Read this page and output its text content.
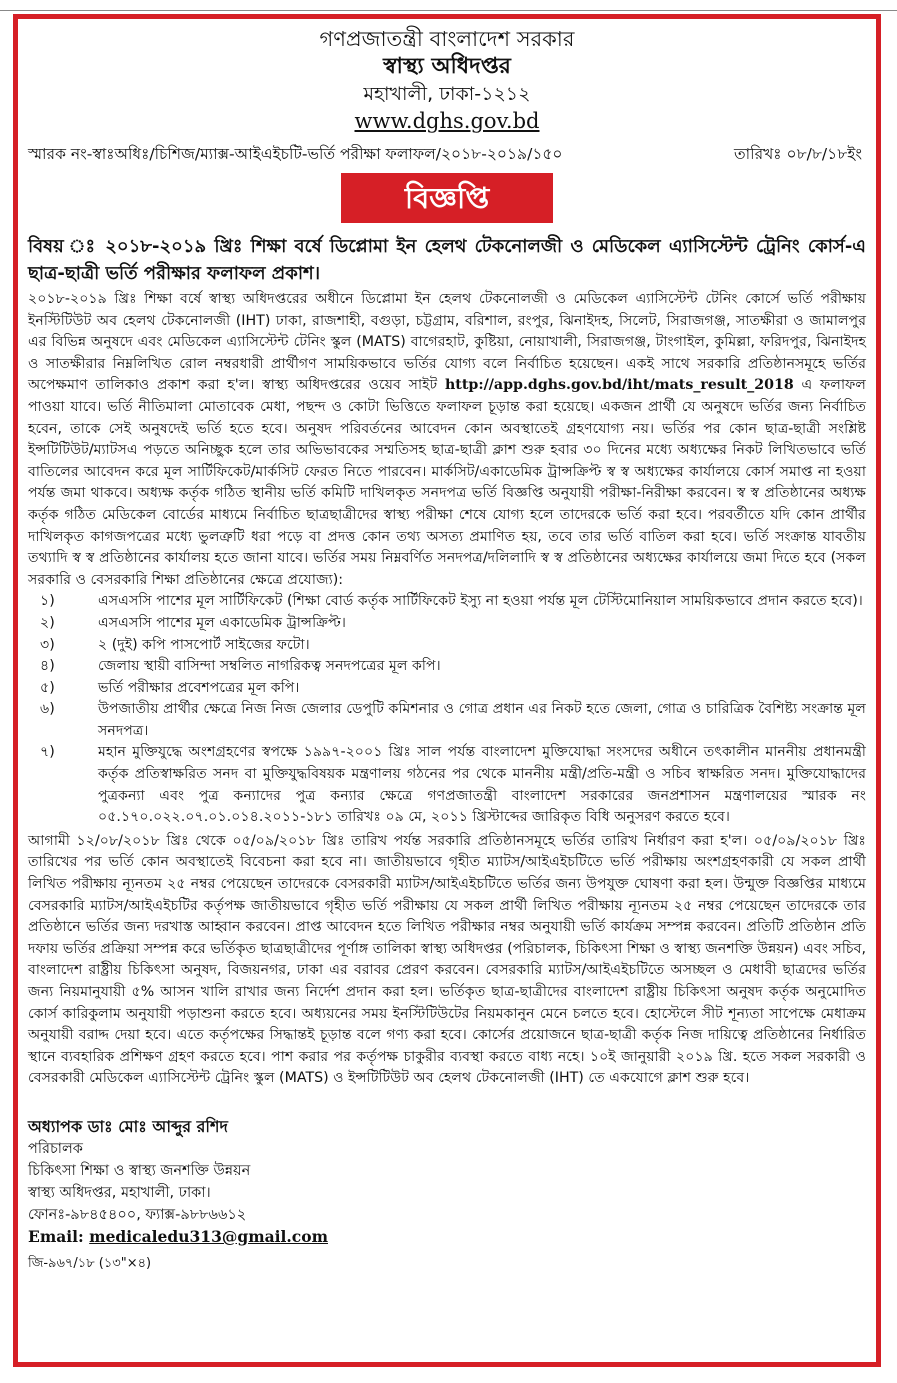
গণপ্রজাতন্ত্রী বাংলাদেশ সরকার
স্বাস্থ্য অধিদপ্তর
মহাখালী, ঢাকা-১২১২
www.dghs.gov.bd
স্মারক নং-স্বাঃঅধিঃ/চিশিজ/ম্যাক্স-আইএইচটি-ভর্তি পরীক্ষা ফলাফল/২০১৮-২০১৯/১৫০	তারিখঃ ০৮/৮/১৮ইং
বিজ্ঞপ্তি
বিষয় ঃ ২০১৮-২০১৯ খ্রিঃ শিক্ষা বর্ষে ডিপ্লোমা ইন হেলথ টেকনোলজী ও মেডিকেল এ্যাসিস্টেন্ট ট্রেনিং কোর্স-এ ছাত্র-ছাত্রী ভর্তি পরীক্ষার ফলাফল প্রকাশ।
২০১৮-২০১৯ খ্রিঃ শিক্ষা বর্ষে স্বাস্থ্য অধিদপ্তরের অধীনে ডিপ্লোমা ইন হেলথ টেকনোলজী ও মেডিকেল এ্যাসিস্টেন্ট টেনিং কোর্সে ভর্তি পরীক্ষায় ইনস্টিটিউট অব হেলথ টেকনোলজী (IHT) ঢাকা, রাজশাহী, বগুড়া, চট্টগ্রাম, বরিশাল, রংপুর, ঝিনাইদহ, সিলেট, সিরাজগঞ্জ, সাতক্ষীরা ও জামালপুর এর বিভিন্ন অনুষদে এবং মেডিকেল এ্যাসিস্টেন্ট টেনিং স্কুল (MATS) বাগেরহাট, কুষ্টিয়া, নোয়াখালী, সিরাজগঞ্জ, টাংগাইল, কুমিল্লা, ফরিদপুর, ঝিনাইদহ ও সাতক্ষীরার নিম্নলিখিত রোল নম্বরধারী প্রার্থীগণ সাময়িকভাবে ভর্তির যোগ্য বলে নির্বাচিত হয়েছেন। একই সাথে সরকারি প্রতিষ্ঠানসমূহে ভর্তির অপেক্ষমাণ তালিকাও প্রকাশ করা হ'ল। স্বাস্থ্য অধিদপ্তরের ওয়েব সাইট http://app.dghs.gov.bd/iht/mats_result_2018 এ ফলাফল পাওয়া যাবে। ভর্তি নীতিমালা মোতাবেক মেধা, পছন্দ ও কোটা ভিত্তিতে ফলাফল চূড়ান্ত করা হয়েছে। একজন প্রার্থী যে অনুষদে ভর্তির জন্য নির্বাচিত হবেন, তাকে সেই অনুষদেই ভর্তি হতে হবে। অনুষদ পরিবর্তনের আবেদন কোন অবস্থাতেই গ্রহণযোগ্য নয়। ভর্তির পর কোন ছাত্র-ছাত্রী সংশ্লিষ্ট ইন্সটিটিউট/ম্যাটসএ পড়তে অনিচ্ছুক হলে তার অভিভাবকের সম্মতিসহ ছাত্র-ছাত্রী ক্লাশ শুরু হবার ৩০ দিনের মধ্যে অধ্যক্ষের নিকট লিখিতভাবে ভর্তি বাতিলের আবেদন করে মূল সার্টিফিকেট/মার্কসিট ফেরত নিতে পারবেন। মার্কসিট/একাডেমিক ট্রান্সক্রিপ্ট স্ব স্ব অধ্যক্ষের কার্যালয়ে কোর্স সমাপ্ত না হওয়া পর্যন্ত জমা থাকবে। অধ্যক্ষ কর্তৃক গঠিত স্থানীয় ভর্তি কমিটি দাখিলকৃত সনদপত্র ভর্তি বিজ্ঞপ্তি অনুযায়ী পরীক্ষা-নিরীক্ষা করবেন। স্ব স্ব প্রতিষ্ঠানের অধ্যক্ষ কর্তৃক গঠিত মেডিকেল বোর্ডের মাধ্যমে নির্বাচিত ছাত্রছাত্রীদের স্বাস্থ্য পরীক্ষা শেষে যোগ্য হলে তাদেরকে ভর্তি করা হবে। পরবর্তীতে যদি কোন প্রার্থীর দাখিলকৃত কাগজপত্রের মধ্যে ভুলত্রুটি ধরা পড়ে বা প্রদত্ত কোন তথ্য অসত্য প্রমাণিত হয়, তবে তার ভর্তি বাতিল করা হবে। ভর্তি সংক্রান্ত যাবতীয় তথ্যাদি স্ব স্ব প্রতিষ্ঠানের কার্যালয় হতে জানা যাবে। ভর্তির সময় নিম্নবর্ণিত সনদপত্র/দলিলাদি স্ব স্ব প্রতিষ্ঠানের অধ্যক্ষের কার্যালয়ে জমা দিতে হবে (সকল সরকারি ও বেসরকারি শিক্ষা প্রতিষ্ঠানের ক্ষেত্রে প্রযোজ্য):
১)	এসএসসি পাশের মূল সার্টিফিকেট (শিক্ষা বোর্ড কর্তৃক সার্টিফিকেট ইস্যু না হওয়া পর্যন্ত মূল টেস্টিমোনিয়াল সাময়িকভাবে প্রদান করতে হবে)।
২)	এসএসসি পাশের মূল একাডেমিক ট্রান্সক্রিপ্ট।
৩)	২ (দুই) কপি পাসপোর্ট সাইজের ফটো।
৪)	জেলায় স্থায়ী বাসিন্দা সম্বলিত নাগরিকত্ব সনদপত্রের মূল কপি।
৫)	ভর্তি পরীক্ষার প্রবেশপত্রের মূল কপি।
৬)	উপজাতীয় প্রার্থীর ক্ষেত্রে নিজ নিজ জেলার ডেপুটি কমিশনার ও গোত্র প্রধান এর নিকট হতে জেলা, গোত্র ও চারিত্রিক বৈশিষ্ট্য সংক্রান্ত মূল সনদপত্র।
৭)	মহান মুক্তিযুদ্ধে অংশগ্রহণের স্বপক্ষে ১৯৯৭-২০০১ খ্রিঃ সাল পর্যন্ত বাংলাদেশ মুক্তিযোদ্ধা সংসদের অধীনে তৎকালীন মাননীয় প্রধানমন্ত্রী কর্তৃক প্রতিস্বাক্ষরিত সনদ বা মুক্তিযুদ্ধবিষয়ক মন্ত্রণালয় গঠনের পর থেকে মাননীয় মন্ত্রী/প্রতি-মন্ত্রী ও সচিব স্বাক্ষরিত সনদ। মুক্তিযোদ্ধাদের পুত্রকন্যা এবং পুত্র কন্যাদের পুত্র কন্যার ক্ষেত্রে গণপ্রজাতন্ত্রী বাংলাদেশ সরকারের জনপ্রশাসন মন্ত্রণালয়ের স্মারক নং ০৫.১৭০.০২২.০৭.০১.০১৪.২০১১-১৮১ তারিখঃ ০৯ মে, ২০১১ খ্রিস্টাব্দের জারিকৃত বিধি অনুসরণ করতে হবে।
আগামী ১২/০৮/২০১৮ খ্রিঃ থেকে ০৫/০৯/২০১৮ খ্রিঃ তারিখ পর্যন্ত সরকারি প্রতিষ্ঠানসমূহে ভর্তির তারিখ নির্ধারণ করা হ'ল। ০৫/০৯/২০১৮ খ্রিঃ তারিখের পর ভর্তি কোন অবস্থাতেই বিবেচনা করা হবে না। জাতীয়ভাবে গৃহীত ম্যাটস/আইএইচটিতে ভর্তি পরীক্ষায় অংশগ্রহণকারী যে সকল প্রার্থী লিখিত পরীক্ষায় ন্যূনতম ২৫ নম্বর পেয়েছেন তাদেরকে বেসরকারী ম্যাটস/আইএইচটিতে ভর্তির জন্য উপযুক্ত ঘোষণা করা হল। উন্মুক্ত বিজ্ঞপ্তির মাধ্যমে বেসরকারি ম্যাটস/আইএইচটির কর্তৃপক্ষ জাতীয়ভাবে গৃহীত ভর্তি পরীক্ষায় যে সকল প্রার্থী লিখিত পরীক্ষায় ন্যূনতম ২৫ নম্বর পেয়েছেন তাদেরকে তার প্রতিষ্ঠানে ভর্তির জন্য দরখাস্ত আহ্বান করবেন। প্রাপ্ত আবেদন হতে লিখিত পরীক্ষার নম্বর অনুযায়ী ভর্তি কার্যক্রম সম্পন্ন করবেন। প্রতিটি প্রতিষ্ঠান প্রতি দফায় ভর্তির প্রক্রিয়া সম্পন্ন করে ভর্তিকৃত ছাত্রছাত্রীদের পূর্ণাঙ্গ তালিকা স্বাস্থ্য অধিদপ্তর (পরিচালক, চিকিৎসা শিক্ষা ও স্বাস্থ্য জনশক্তি উন্নয়ন) এবং সচিব, বাংলাদেশ রাষ্ট্রীয় চিকিৎসা অনুষদ, বিজয়নগর, ঢাকা এর বরাবর প্রেরণ করবেন। বেসরকারি ম্যাটস/আইএইচটিতে অসচ্ছল ও মেধাবী ছাত্রদের ভর্তির জন্য নিয়মানুযায়ী ৫% আসন খালি রাখার জন্য নির্দেশ প্রদান করা হল। ভর্তিকৃত ছাত্র-ছাত্রীদের বাংলাদেশ রাষ্ট্রীয় চিকিৎসা অনুষদ কর্তৃক অনুমোদিত কোর্স কারিকুলাম অনুযায়ী পড়াশুনা করতে হবে। অধ্যয়নের সময় ইনস্টিটিউটের নিয়মকানুন মেনে চলতে হবে। হোস্টেলে সীট শূন্যতা সাপেক্ষে মেধাক্রম অনুযায়ী বরাদ্দ দেয়া হবে। এতে কর্তৃপক্ষের সিদ্ধান্তই চূড়ান্ত বলে গণ্য করা হবে। কোর্সের প্রয়োজনে ছাত্র-ছাত্রী কর্তৃক নিজ দায়িত্বে প্রতিষ্ঠানের নির্ধারিত স্থানে ব্যবহারিক প্রশিক্ষণ গ্রহণ করতে হবে। পাশ করার পর কর্তৃপক্ষ চাকুরীর ব্যবস্থা করতে বাধ্য নহে। ১০ই জানুয়ারী ২০১৯ খ্রি. হতে সকল সরকারী ও বেসরকারী মেডিকেল এ্যাসিস্টেন্ট ট্রেনিং স্কুল (MATS) ও ইন্সটিটিউট অব হেলথ টেকনোলজী (IHT) তে একযোগে ক্লাশ শুরু হবে।
অধ্যাপক ডাঃ মোঃ আব্দুর রশিদ
পরিচালক
চিকিৎসা শিক্ষা ও স্বাস্থ্য জনশক্তি উন্নয়ন
স্বাস্থ্য অধিদপ্তর, মহাখালী, ঢাকা।
ফোনঃ-৯৮৪৫৪০০, ফ্যাক্স-৯৮৮৬৬১২
Email: medicaledu313@gmail.com
জি-৯৬৭/১৮ (১৩"×৪)
